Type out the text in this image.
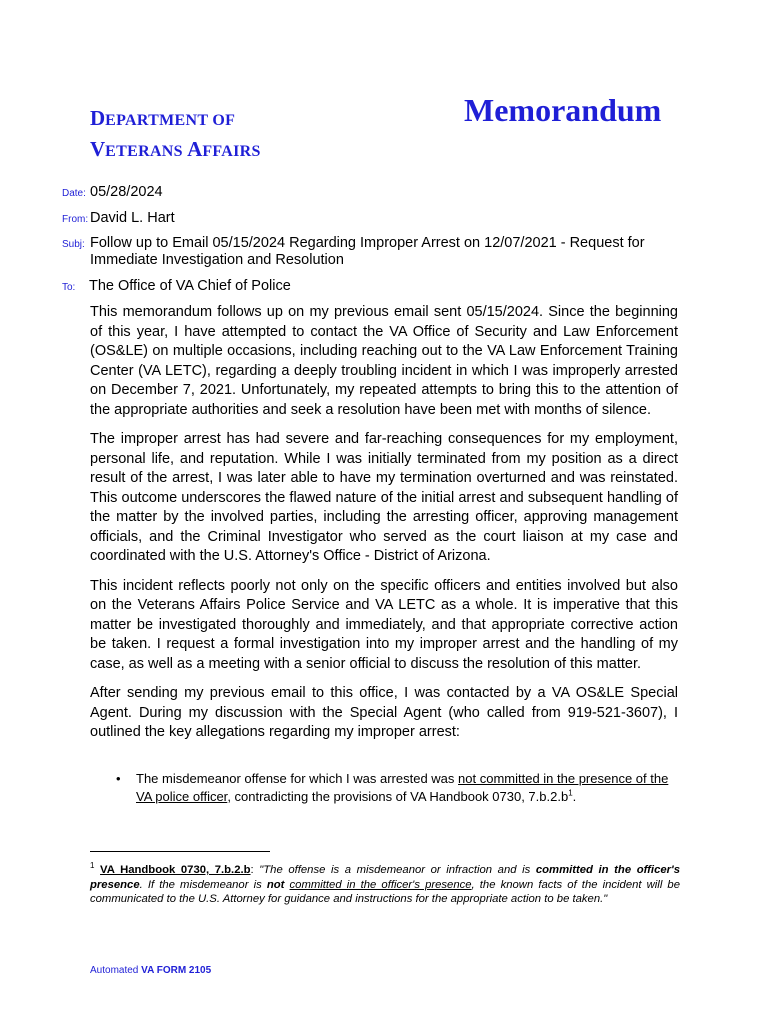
DEPARTMENT OF
VETERANS AFFAIRS
Memorandum
Date: 05/28/2024
From: David L. Hart
Subj: Follow up to Email 05/15/2024 Regarding Improper Arrest on 12/07/2021 - Request for Immediate Investigation and Resolution
To: The Office of VA Chief of Police

This memorandum follows up on my previous email sent 05/15/2024. Since the beginning of this year, I have attempted to contact the VA Office of Security and Law Enforcement (OS&LE) on multiple occasions, including reaching out to the VA Law Enforcement Training Center (VA LETC), regarding a deeply troubling incident in which I was improperly arrested on December 7, 2021. Unfortunately, my repeated attempts to bring this to the attention of the appropriate authorities and seek a resolution have been met with months of silence.

The improper arrest has had severe and far-reaching consequences for my employment, personal life, and reputation. While I was initially terminated from my position as a direct result of the arrest, I was later able to have my termination overturned and was reinstated. This outcome underscores the flawed nature of the initial arrest and subsequent handling of the matter by the involved parties, including the arresting officer, approving management officials, and the Criminal Investigator who served as the court liaison at my case and coordinated with the U.S. Attorney's Office - District of Arizona.

This incident reflects poorly not only on the specific officers and entities involved but also on the Veterans Affairs Police Service and VA LETC as a whole. It is imperative that this matter be investigated thoroughly and immediately, and that appropriate corrective action be taken. I request a formal investigation into my improper arrest and the handling of my case, as well as a meeting with a senior official to discuss the resolution of this matter.

After sending my previous email to this office, I was contacted by a VA OS&LE Special Agent. During my discussion with the Special Agent (who called from 919-521-3607), I outlined the key allegations regarding my improper arrest:

• The misdemeanor offense for which I was arrested was not committed in the presence of the VA police officer, contradicting the provisions of VA Handbook 0730, $7.b.2.b^1$.
$^1$ VA Handbook 0730, 7.b.2.b: "The offense is a misdemeanor or infraction and is committed in the officer's presence. If the misdemeanor is not committed in the officer's presence, the known facts of the incident will be communicated to the U.S. Attorney for guidance and instructions for the appropriate action to be taken."
Automated VA FORM 2105
